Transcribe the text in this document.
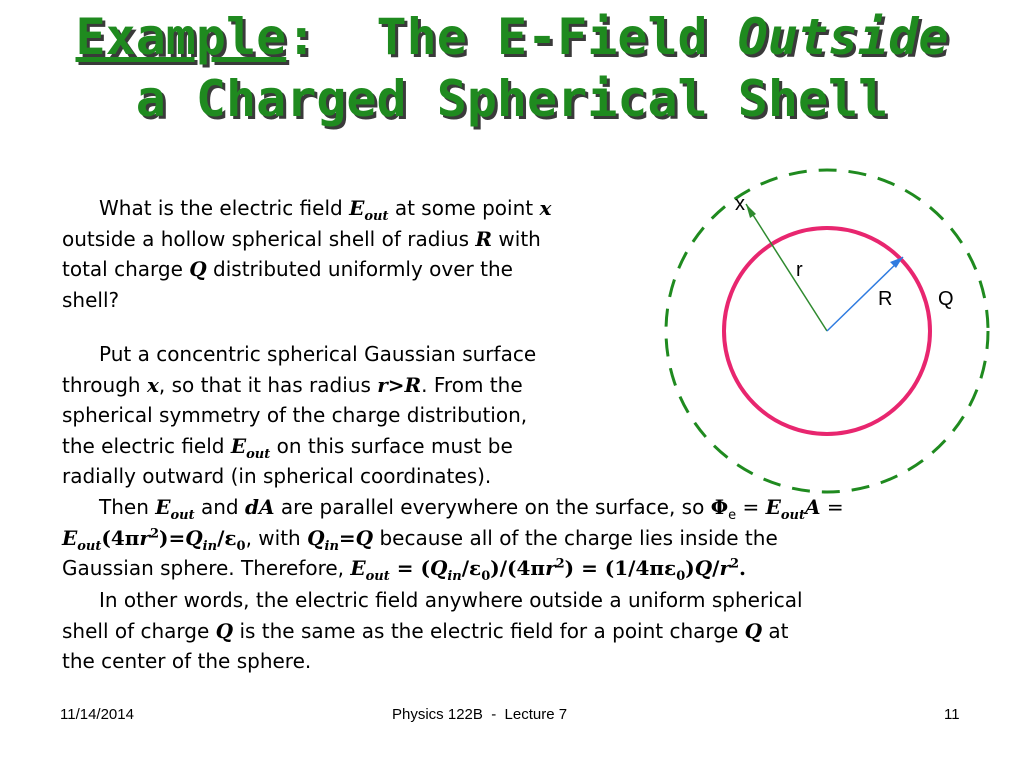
Example:  The E-Field Outside
a Charged Spherical Shell
x
r
R Q
What is the electric field $E_{out}$ at some point x
outside a hollow spherical shell of radius R with
total charge Q distributed uniformly over the
shell?
Put a concentric spherical Gaussian surface
through x, so that it has radius r>R. From the
spherical symmetry of the charge distribution,
the electric field $E_{out}$ on this surface must be
radially outward (in spherical coordinates).
Then $E_{out}$ and dA are parallel everywhere on the surface, so $\Phi_e = E_{out}A$ =
$E_{out}(4\pi r^2)=Q_{in}/\varepsilon_0$, with $Q_{in}=Q$ because all of the charge lies inside the
Gaussian sphere. Therefore, $E_{out} = (Q_{in}/\varepsilon_0)/(4\pi r^2) = (1/4\pi\varepsilon_0)Q/r^2$.
In other words, the electric field anywhere outside a uniform spherical
shell of charge Q is the same as the electric field for a point charge Q at
the center of the sphere.
11/14/2014	Physics 122B  -  Lecture 7	11
